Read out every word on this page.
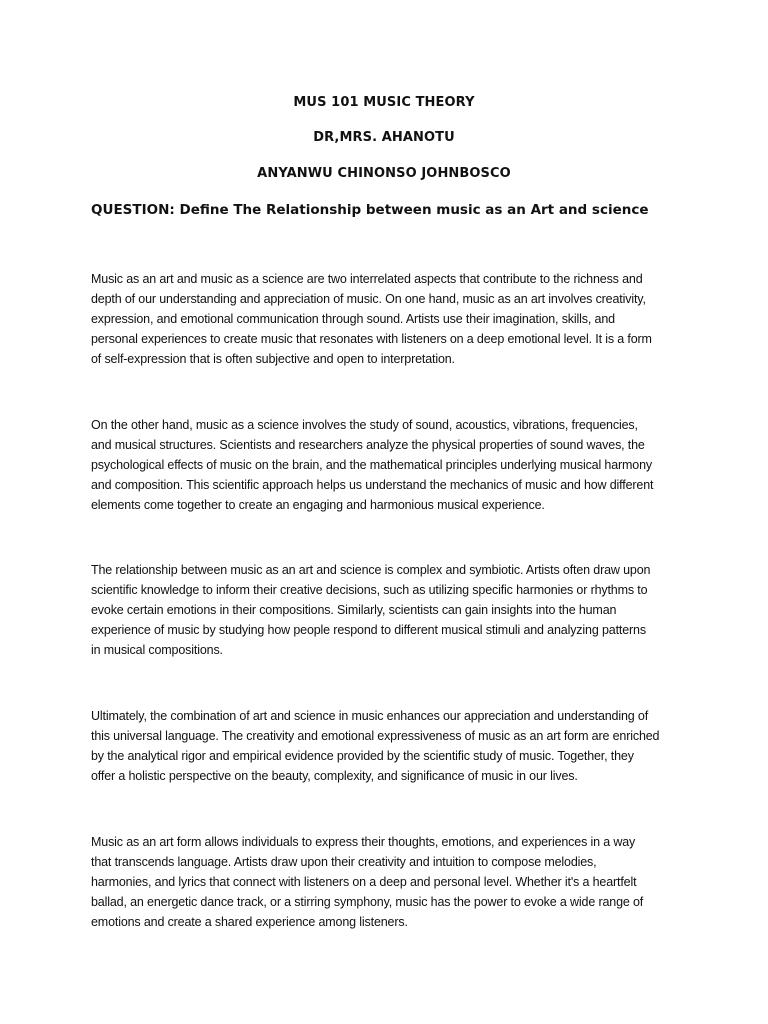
MUS 101 MUSIC THEORY
DR,MRS. AHANOTU
ANYANWU CHINONSO JOHNBOSCO
QUESTION: Define The Relationship between music as an Art and science
Music as an art and music as a science are two interrelated aspects that contribute to the richness and
depth of our understanding and appreciation of music. On one hand, music as an art involves creativity,
expression, and emotional communication through sound. Artists use their imagination, skills, and
personal experiences to create music that resonates with listeners on a deep emotional level. It is a form
of self-expression that is often subjective and open to interpretation.
On the other hand, music as a science involves the study of sound, acoustics, vibrations, frequencies,
and musical structures. Scientists and researchers analyze the physical properties of sound waves, the
psychological effects of music on the brain, and the mathematical principles underlying musical harmony
and composition. This scientific approach helps us understand the mechanics of music and how different
elements come together to create an engaging and harmonious musical experience.
The relationship between music as an art and science is complex and symbiotic. Artists often draw upon
scientific knowledge to inform their creative decisions, such as utilizing specific harmonies or rhythms to
evoke certain emotions in their compositions. Similarly, scientists can gain insights into the human
experience of music by studying how people respond to different musical stimuli and analyzing patterns
in musical compositions.
Ultimately, the combination of art and science in music enhances our appreciation and understanding of
this universal language. The creativity and emotional expressiveness of music as an art form are enriched
by the analytical rigor and empirical evidence provided by the scientific study of music. Together, they
offer a holistic perspective on the beauty, complexity, and significance of music in our lives.
Music as an art form allows individuals to express their thoughts, emotions, and experiences in a way
that transcends language. Artists draw upon their creativity and intuition to compose melodies,
harmonies, and lyrics that connect with listeners on a deep and personal level. Whether it's a heartfelt
ballad, an energetic dance track, or a stirring symphony, music has the power to evoke a wide range of
emotions and create a shared experience among listeners.
